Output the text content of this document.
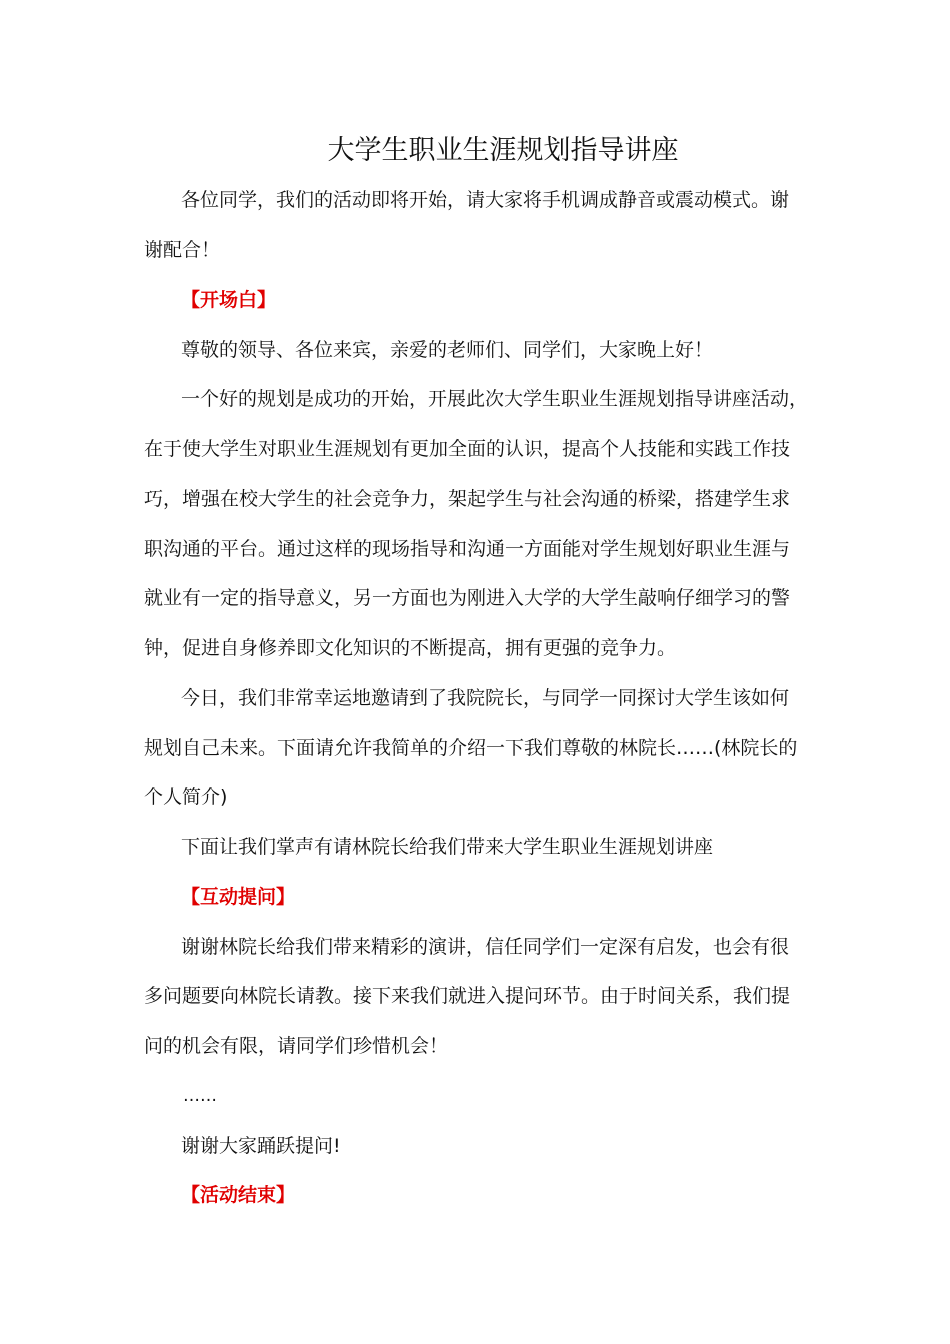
大学生职业生涯规划指导讲座

各位同学，我们的活动即将开始，请大家将手机调成静音或震动模式。谢

谢配合！

【开场白】

尊敬的领导、各位来宾，亲爱的老师们、同学们，大家晚上好！

一个好的规划是成功的开始，开展此次大学生职业生涯规划指导讲座活动，

在于使大学生对职业生涯规划有更加全面的认识，提高个人技能和实践工作技

巧，增强在校大学生的社会竞争力，架起学生与社会沟通的桥梁，搭建学生求

职沟通的平台。通过这样的现场指导和沟通一方面能对学生规划好职业生涯与

就业有一定的指导意义，另一方面也为刚进入大学的大学生敲响仔细学习的警

钟，促进自身修养即文化知识的不断提高，拥有更强的竞争力。

今日，我们非常幸运地邀请到了我院院长，与同学一同探讨大学生该如何

规划自己未来。下面请允许我简单的介绍一下我们尊敬的林院长……(林院长的

个人简介)

下面让我们掌声有请林院长给我们带来大学生职业生涯规划讲座

【互动提问】

谢谢林院长给我们带来精彩的演讲，信任同学们一定深有启发，也会有很

多问题要向林院长请教。接下来我们就进入提问环节。由于时间关系，我们提

问的机会有限，请同学们珍惜机会！

……

谢谢大家踊跃提问!

【活动结束】
